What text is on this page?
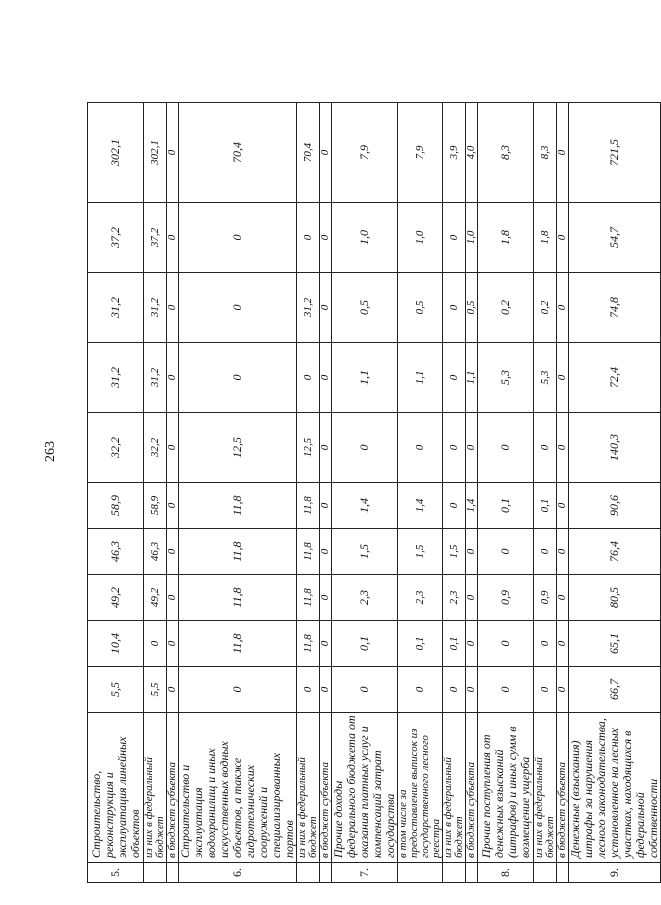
263
5.	Строительство, реконструкция и эксплуатация линейных объектов	5,5	10,4	49,2	46,3	58,9	32,2	31,2	31,2	37,2	302,1
	из них в федеральный бюджет	5,5	0	49,2	46,3	58,9	32,2	31,2	31,2	37,2	302,1
	в бюджет субъекта	0	0	0	0	0	0	0	0	0	0
6.	Строительство и эксплуатация водохранилищ и иных искусственных водных объектов, а также гидротехнических сооружений и специализированных портов	0	11,8	11,8	11,8	11,8	12,5	0	0	0	70,4
	из них в федеральный бюджет	0	11,8	11,8	11,8	11,8	12,5	0	31,2	0	70,4
	в бюджет субъекта	0	0	0	0	0	0	0	0	0	0
7.	Прочие доходы федерального бюджета от оказания платных услуг и компенсаций затрат государства	0	0,1	2,3	1,5	1,4	0	1,1	0,5	1,0	7,9
	в том числе за предоставление выписок из государственного лесного реестра	0	0,1	2,3	1,5	1,4	0	1,1	0,5	1,0	7,9
	из них в федеральный бюджет	0	0,1	2,3	1,5	0	0	0	0	0	3,9
	в бюджет субъекта	0	0	0	0	1,4	0	1,1	0,5	1,0	4,0
8.	Прочие поступления от денежных взысканий (штрафов) и иных сумм в возмещение ущерба	0	0	0,9	0	0,1	0	5,3	0,2	1,8	8,3
	из них в федеральный бюджет	0	0	0,9	0	0,1	0	5,3	0,2	1,8	8,3
	в бюджет субъекта	0	0	0	0	0	0	0	0	0	0
9.	Денежные (взыскания) штрафы за нарушения лесного законодательства, установленное на лесных участках, находящихся в федеральной собственности	66,7	65,1	80,5	76,4	90,6	140,3	72,4	74,8	54,7	721,5
